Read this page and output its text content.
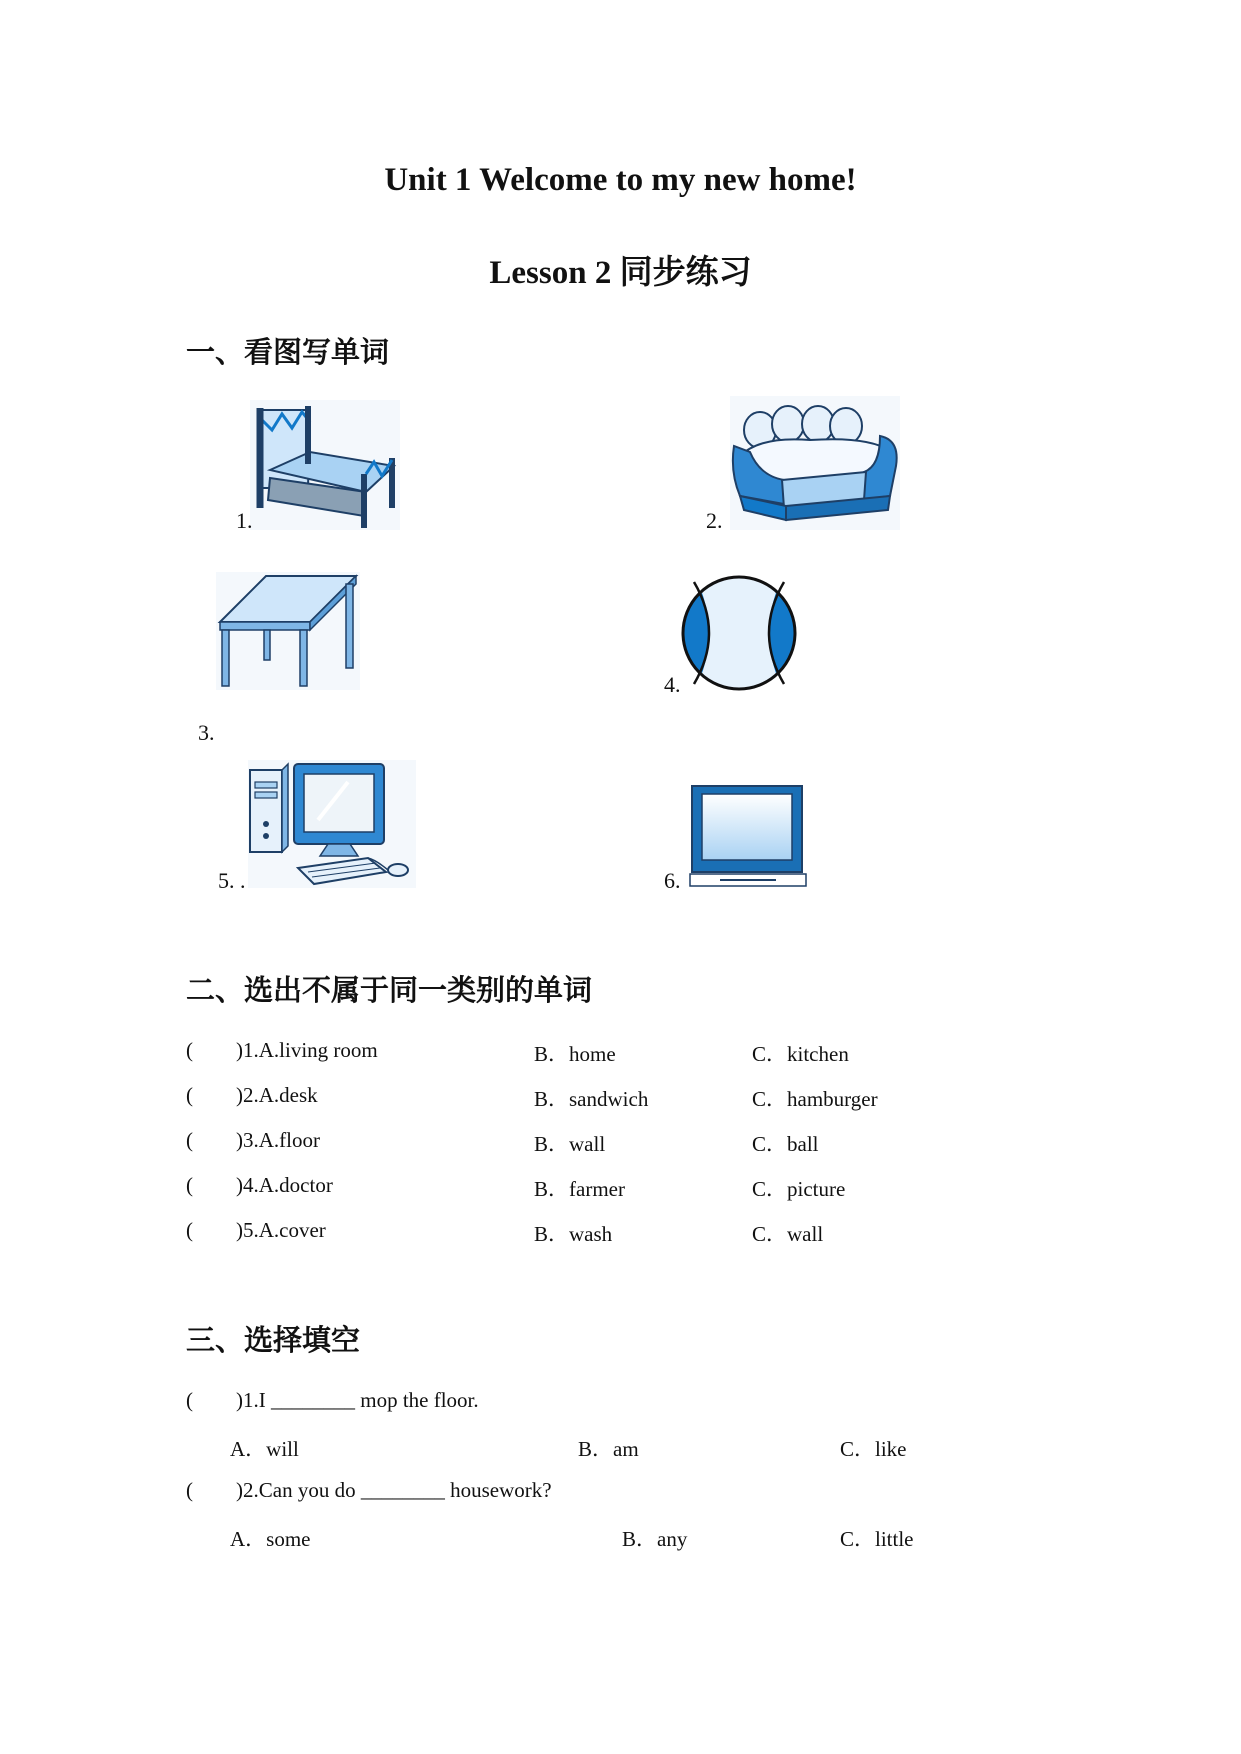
Unit 1 Welcome to my new home!
Lesson 2 同步练习
一、看图写单词
1.	2.
3.
4.
5. .	6.
二、选出不属于同一类别的单词
( )1.A.living room	B．home	C．kitchen
( )2.A.desk	B．sandwich	C．hamburger
( )3.A.floor	B．wall	C．ball
( )4.A.doctor	B．farmer	C．picture
( )5.A.cover	B．wash	C．wall
三、选择填空
( )1.I ________ mop the floor.
A．will	B．am	C．like
( )2.Can you do ________ housework?
A．some	B．any	C．little
